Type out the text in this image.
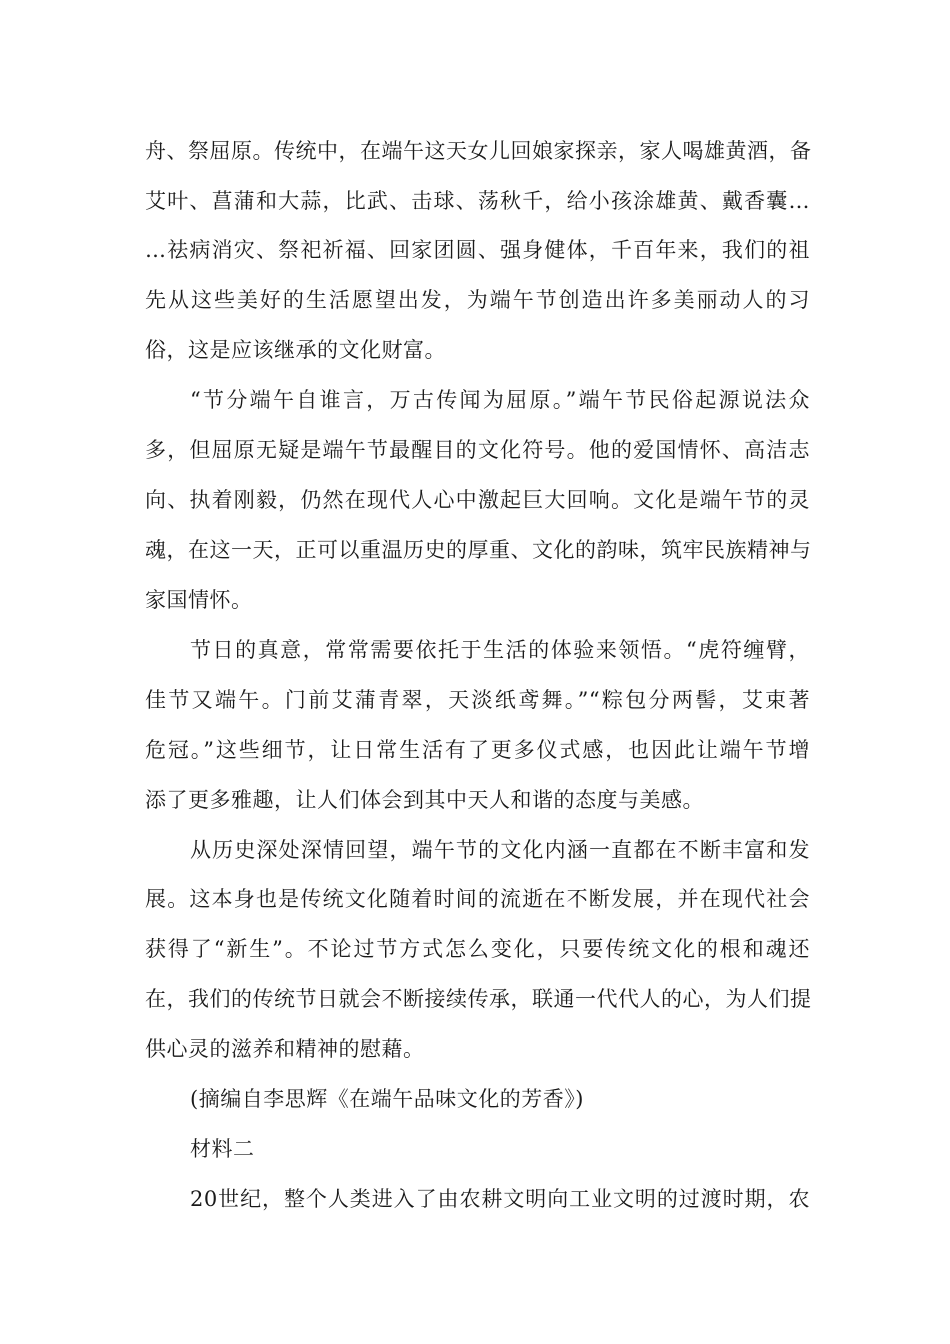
舟、祭屈原。传统中，在端午这天女儿回娘家探亲，家人喝雄黄酒，备
艾叶、菖蒲和大蒜，比武、击球、荡秋千，给小孩涂雄黄、戴香囊…
…祛病消灾、祭祀祈福、回家团圆、强身健体，千百年来，我们的祖
先从这些美好的生活愿望出发，为端午节创造出许多美丽动人的习
俗，这是应该继承的文化财富。
“节分端午自谁言，万古传闻为屈原。”端午节民俗起源说法众
多，但屈原无疑是端午节最醒目的文化符号。他的爱国情怀、高洁志
向、执着刚毅，仍然在现代人心中激起巨大回响。文化是端午节的灵
魂，在这一天，正可以重温历史的厚重、文化的韵味，筑牢民族精神与
家国情怀。
节日的真意，常常需要依托于生活的体验来领悟。“虎符缠臂，
佳节又端午。门前艾蒲青翠，天淡纸鸢舞。”“粽包分两髻，艾束著
危冠。”这些细节，让日常生活有了更多仪式感，也因此让端午节增
添了更多雅趣，让人们体会到其中天人和谐的态度与美感。
从历史深处深情回望，端午节的文化内涵一直都在不断丰富和发
展。这本身也是传统文化随着时间的流逝在不断发展，并在现代社会
获得了“新生”。不论过节方式怎么变化，只要传统文化的根和魂还
在，我们的传统节日就会不断接续传承，联通一代代人的心，为人们提
供心灵的滋养和精神的慰藉。
(摘编自李思辉《在端午品味文化的芳香》)
材料二
20世纪，整个人类进入了由农耕文明向工业文明的过渡时期，农
